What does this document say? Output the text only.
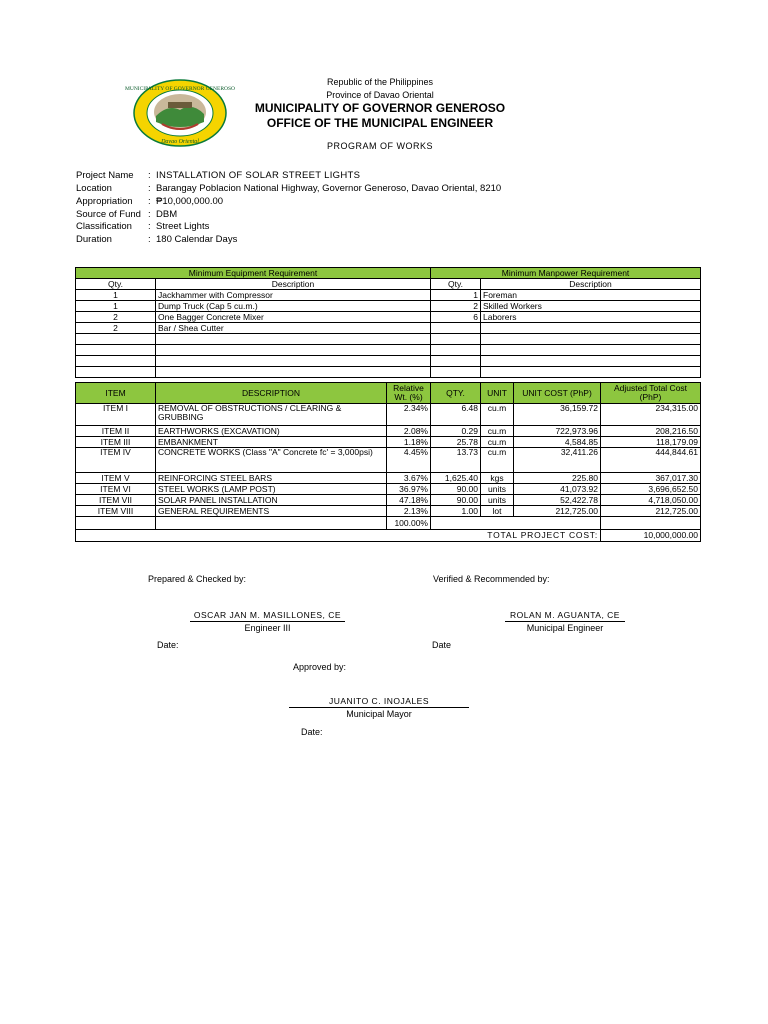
MUNICIPALITY OF GOVERNOR GENEROSO
Davao Oriental
Republic of the Philippines
Province of Davao Oriental
MUNICIPALITY OF GOVERNOR GENEROSO
OFFICE OF THE MUNICIPAL ENGINEER
PROGRAM OF WORKS
Project Name : INSTALLATION OF SOLAR STREET LIGHTS
Location	: Barangay Poblacion National Highway, Governor Generoso, Davao Oriental, 8210
Appropriation : ₱10,000,000.00
Source of Fund : DBM
Classification : Street Lights
Duration	: 180 Calendar Days
Minimum Equipment Requirement		Minimum Manpower Requirement	
Qty.	Description	Qty.	Description
1	Jackhammer with Compressor	1	Foreman
1	Dump Truck (Cap 5 cu.m.)	2	Skilled Workers
2	One Bagger Concrete Mixer	6	Laborers
2	Bar / Shea Cutter		

ITEM	DESCRIPTION	Relative Wt. (%)	QTY.	UNIT	UNIT COST (PhP)	Adjusted Total Cost (PhP)
ITEM I	REMOVAL OF OBSTRUCTIONS / CLEARING & GRUBBING	2.34%	6.48	cu.m	36,159.72	234,315.00
ITEM II	EARTHWORKS (EXCAVATION)	2.08%	0.29	cu.m	722,973.96	208,216.50
ITEM III	EMBANKMENT	1.18%	25.78	cu.m	4,584.85	118,179.09
ITEM IV	CONCRETE WORKS (Class "A" Concrete fc' = 3,000psi)	4.45%	13.73	cu.m	32,411.26	444,844.61
ITEM V	REINFORCING STEEL BARS	3.67%	1,625.40	kgs	225.80	367,017.30
ITEM VI	STEEL WORKS (LAMP POST)	36.97%	90.00	units	41,073.92	3,696,652.50
ITEM VII	SOLAR PANEL INSTALLATION	47.18%	90.00	units	52,422.78	4,718,050.00
ITEM VIII	GENERAL REQUIREMENTS	2.13%	1.00	lot	212,725.00	212,725.00
		100.00%				
TOTAL PROJECT COST:						10,000,000.00
Prepared & Checked by:	Verified & Recommended by:
OSCAR JAN M. MASILLONES, CE
Engineer III
ROLAN M. AGUANTA, CE
Municipal Engineer
Date:	Date
Approved by:
JUANITO C. INOJALES
Municipal Mayor
Date:
